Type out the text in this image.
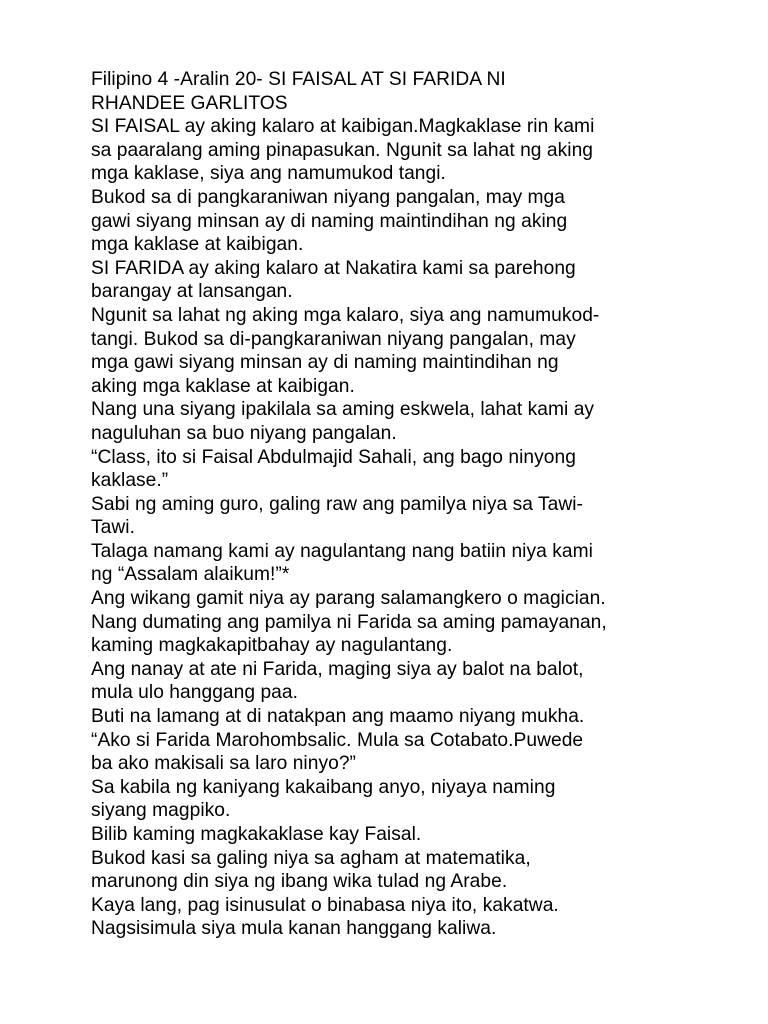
Filipino 4 -Aralin 20- SI FAISAL AT SI FARIDA NI
RHANDEE GARLITOS
SI FAISAL ay aking kalaro at kaibigan.Magkaklase rin kami
sa paaralang aming pinapasukan. Ngunit sa lahat ng aking
mga kaklase, siya ang namumukod tangi.
Bukod sa di pangkaraniwan niyang pangalan, may mga
gawi siyang minsan ay di naming maintindihan ng aking
mga kaklase at kaibigan.
SI FARIDA ay aking kalaro at Nakatira kami sa parehong
barangay at lansangan.
Ngunit sa lahat ng aking mga kalaro, siya ang namumukod-
tangi. Bukod sa di-pangkaraniwan niyang pangalan, may
mga gawi siyang minsan ay di naming maintindihan ng
aking mga kaklase at kaibigan.
Nang una siyang ipakilala sa aming eskwela, lahat kami ay
naguluhan sa buo niyang pangalan.
“Class, ito si Faisal Abdulmajid Sahali, ang bago ninyong
kaklase.”
Sabi ng aming guro, galing raw ang pamilya niya sa Tawi-
Tawi.
Talaga namang kami ay nagulantang nang batiin niya kami
ng “Assalam alaikum!”*
Ang wikang gamit niya ay parang salamangkero o magician.
Nang dumating ang pamilya ni Farida sa aming pamayanan,
kaming magkakapitbahay ay nagulantang.
Ang nanay at ate ni Farida, maging siya ay balot na balot,
mula ulo hanggang paa.
Buti na lamang at di natakpan ang maamo niyang mukha.
“Ako si Farida Marohombsalic. Mula sa Cotabato.Puwede
ba ako makisali sa laro ninyo?”
Sa kabila ng kaniyang kakaibang anyo, niyaya naming
siyang magpiko.
Bilib kaming magkakaklase kay Faisal.
Bukod kasi sa galing niya sa agham at matematika,
marunong din siya ng ibang wika tulad ng Arabe.
Kaya lang, pag isinusulat o binabasa niya ito, kakatwa.
Nagsisimula siya mula kanan hanggang kaliwa.
